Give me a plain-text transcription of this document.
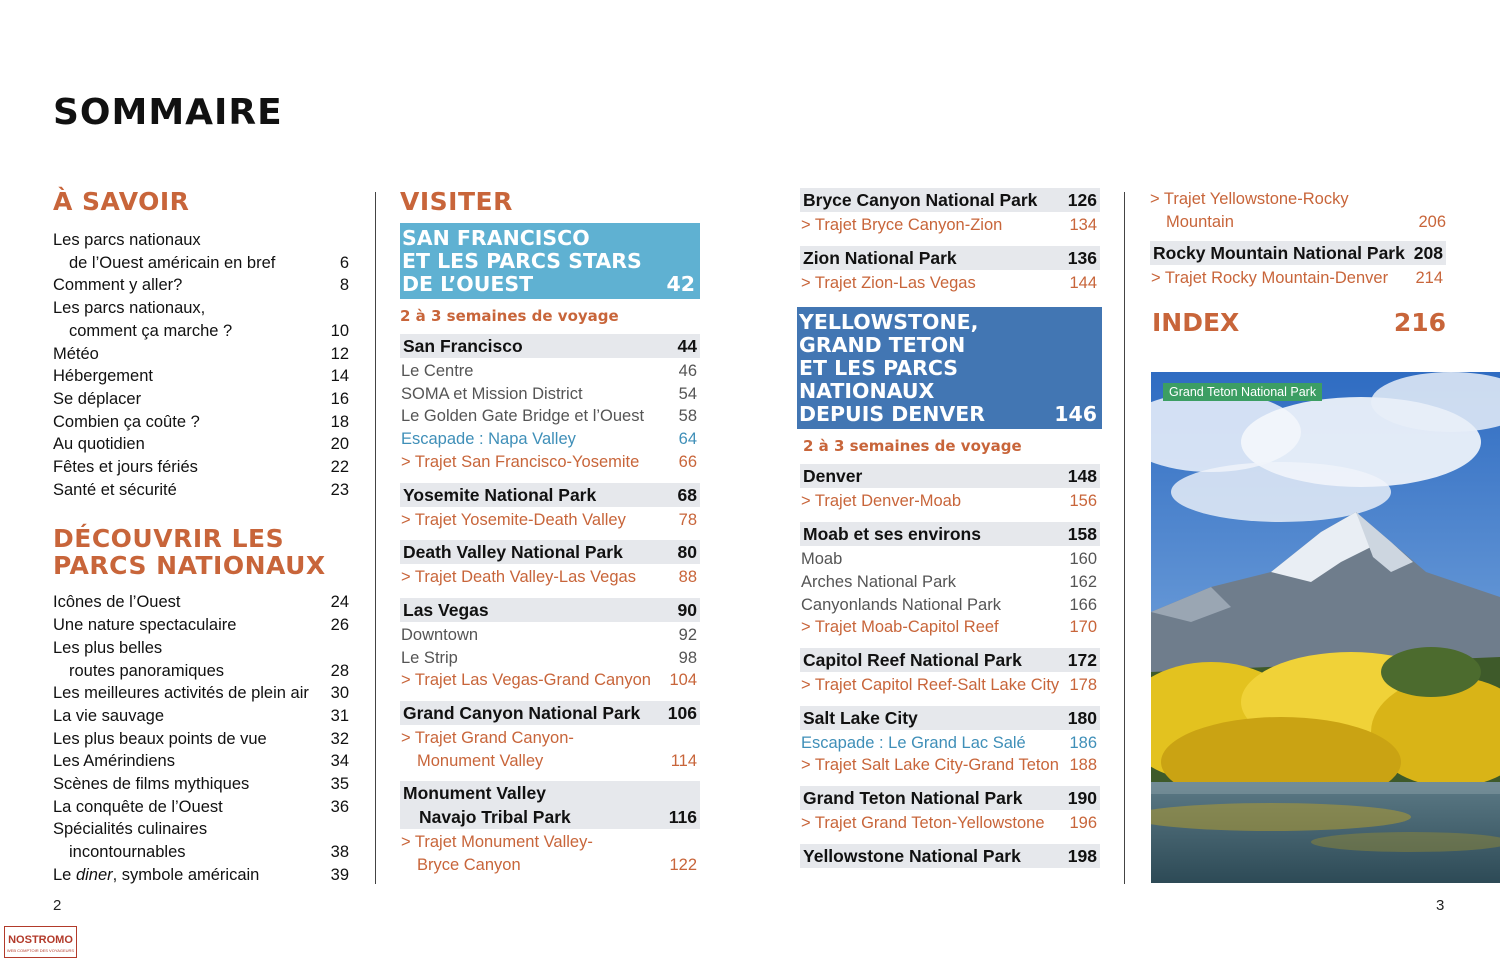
SOMMAIRE
À SAVOIR
Les parcs nationaux
de l’Ouest américain en bref	6
Comment y aller?	8
Les parcs nationaux,
comment ça marche ?	10
Météo	12
Hébergement	14
Se déplacer	16
Combien ça coûte ?	18
Au quotidien	20
Fêtes et jours fériés	22
Santé et sécurité	23
DÉCOUVRIR LES
PARCS NATIONAUX
Icônes de l’Ouest	24
Une nature spectaculaire	26
Les plus belles
routes panoramiques	28
Les meilleures activités de plein air	30
La vie sauvage	31
Les plus beaux points de vue	32
Les Amérindiens	34
Scènes de films mythiques	35
La conquête de l’Ouest	36
Spécialités culinaires
incontournables	38
Le diner, symbole américain	39
VISITER
SAN FRANCISCO
ET LES PARCS STARS
DE L’OUEST	42
2 à 3 semaines de voyage
San Francisco	44
Le Centre	46
SOMA et Mission District	54
Le Golden Gate Bridge et l’Ouest	58
Escapade : Napa Valley	64
> Trajet San Francisco-Yosemite	66
Yosemite National Park	68
> Trajet Yosemite-Death Valley	78
Death Valley National Park	80
> Trajet Death Valley-Las Vegas	88
Las Vegas	90
Downtown	92
Le Strip	98
> Trajet Las Vegas-Grand Canyon 104
Grand Canyon National Park 106
> Trajet Grand Canyon-
Monument Valley	114
Monument Valley
Navajo Tribal Park	116
> Trajet Monument Valley-
Bryce Canyon	122
Bryce Canyon National Park 126
> Trajet Bryce Canyon-Zion	134
Zion National Park	136
> Trajet Zion-Las Vegas	144
YELLOWSTONE,
GRAND TETON
ET LES PARCS NATIONAUX
DEPUIS DENVER	146
2 à 3 semaines de voyage
Denver	148
> Trajet Denver-Moab	156
Moab et ses environs	158
Moab	160
Arches National Park	162
Canyonlands National Park	166
> Trajet Moab-Capitol Reef	170
Capitol Reef National Park	172
> Trajet Capitol Reef-Salt Lake City 178
Salt Lake City	180
Escapade : Le Grand Lac Salé	186
> Trajet Salt Lake City-Grand Teton 188
Grand Teton National Park	190
> Trajet Grand Teton-Yellowstone 196
Yellowstone National Park	198
> Trajet Yellowstone-Rocky
Mountain	206
Rocky Mountain National Park 208
> Trajet Rocky Mountain-Denver 214
INDEX	216
Grand Teton National Park
2	3
NOSTROMO
WEB COMPTOIR DES VOYAGEURS
